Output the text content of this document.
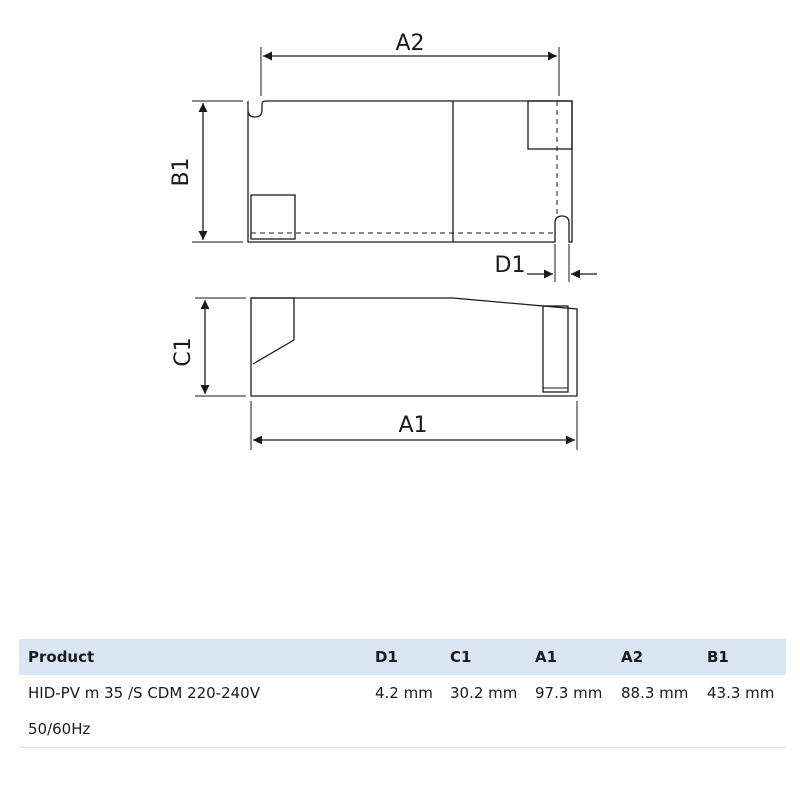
A2
B1
D1
C1
A1
Product	D1	C1	A1	A2	B1
HID-PV m 35 /S CDM 220-240V	4.2 mm	30.2 mm	97.3 mm	88.3 mm	43.3 mm
50/60Hz					
